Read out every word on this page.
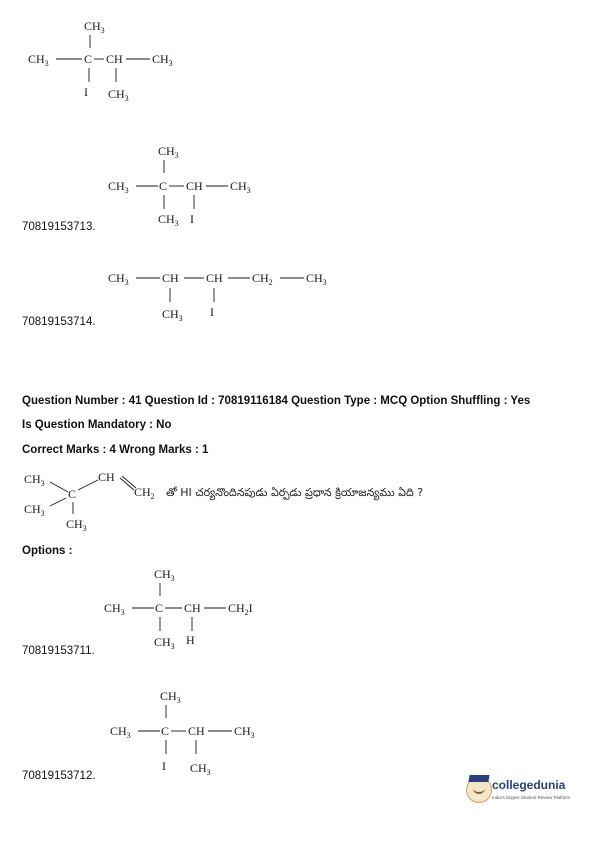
$CH_3$
$CH_3$	C CH $CH_3$
I $CH_3$
$CH_3$
$CH_3$	C CH $CH_3$
$CH_3$ I
70819153713.
$CH_3$	CH CH $CH_2$	$CH_3$
$CH_3$ I
70819153714.
Question Number : 41 Question Id : 70819116184 Question Type : MCQ Option Shuffling : Yes
Is Question Mandatory : No
Correct Marks : 4 Wrong Marks : 1
$CH_3$
C
CH
$CH_2$
$CH_3$
$CH_3$
తో HI చర్యనొందినపుడు ఏర్పడు ప్రధాన క్రియాజన్యము ఏది ?
Options :
$CH_3$
$CH_3$	C CH $CH_2I$
$CH_3$ H
70819153711.
$CH_3$
$CH_3$	C CH $CH_3$
I $CH_3$
70819153712.
collegedunia
India's largest Student Review Platform
